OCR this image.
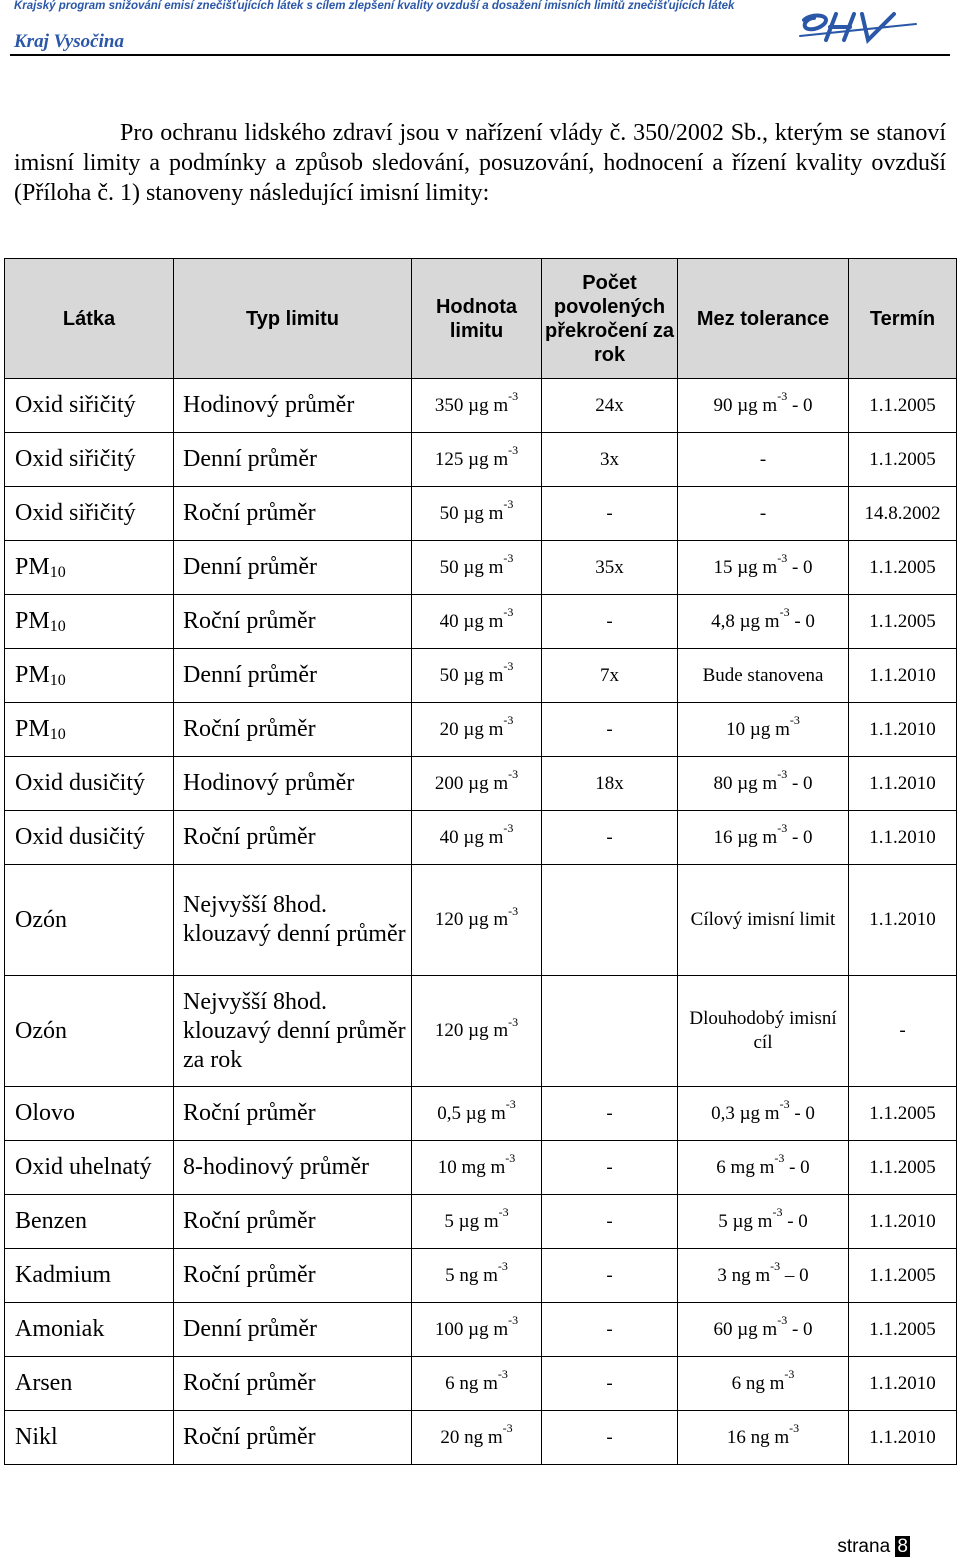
Krajský program snižování emisí znečišťujících látek s cílem zlepšení kvality ovzduší a dosažení imisních limitů znečišťujících látek
Kraj Vysočina

Pro ochranu lidského zdraví jsou v nařízení vlády č. 350/2002 Sb., kterým se stanoví imisní limity a podmínky a způsob sledování, posuzování, hodnocení a řízení kvality ovzduší (Příloha č. 1) stanoveny následující imisní limity:

Látka	Typ limitu	Hodnota limitu	Počet povolených překročení za rok	Mez tolerance	Termín
Oxid siřičitý	Hodinový průměr	350 µg $m^{-3}$	24x	90 µg $m^{-3} - 0$	1.1.2005
Oxid siřičitý	Denní průměr	125 µg $m^{-3}$	3x	-	1.1.2005
Oxid siřičitý	Roční průměr	50 µg $m^{-3}$	-	-	14.8.2002
$PM_{10}$	Denní průměr	50 µg $m^{-3}$	35x	15 µg $m^{-3} - 0$	1.1.2005
$PM_{10}$	Roční průměr	40 µg $m^{-3}$	-	4,8 µg $m^{-3} - 0$	1.1.2005
$PM_{10}$	Denní průměr	50 µg $m^{-3}$	7x	Bude stanovena	1.1.2010
$PM_{10}$	Roční průměr	20 µg $m^{-3}$	-	10 µg $m^{-3}$	1.1.2010
Oxid dusičitý	Hodinový průměr	200 µg $m^{-3}$	18x	80 µg $m^{-3} - 0$	1.1.2010
Oxid dusičitý	Roční průměr	40 µg $m^{-3}$	-	16 µg $m^{-3} - 0$	1.1.2010
Ozón	Nejvyšší 8hod. klouzavý denní průměr	120 µg $m^{-3}$		Cílový imisní limit	1.1.2010
Ozón	Nejvyšší 8hod. klouzavý denní průměr za rok	120 µg $m^{-3}$		Dlouhodobý imisní cíl	-
Olovo	Roční průměr	0,5 µg $m^{-3}$	-	0,3 µg $m^{-3} - 0$	1.1.2005
Oxid uhelnatý	8-hodinový průměr	10 mg $m^{-3}$	-	6 mg $m^{-3} - 0$	1.1.2005
Benzen	Roční průměr	5 µg $m^{-3}$	-	5 µg $m^{-3} - 0$	1.1.2010
Kadmium	Roční průměr	5 ng $m^{-3}$	-	3 ng $m^{-3} - 0$	1.1.2005
Amoniak	Denní průměr	100 µg $m^{-3}$	-	60 µg $m^{-3} - 0$	1.1.2005
Arsen	Roční průměr	6 ng $m^{-3}$	-	6 ng $m^{-3}$	1.1.2010
Nikl	Roční průměr	20 ng $m^{-3}$	-	16 ng $m^{-3}$	1.1.2010
strana 8
